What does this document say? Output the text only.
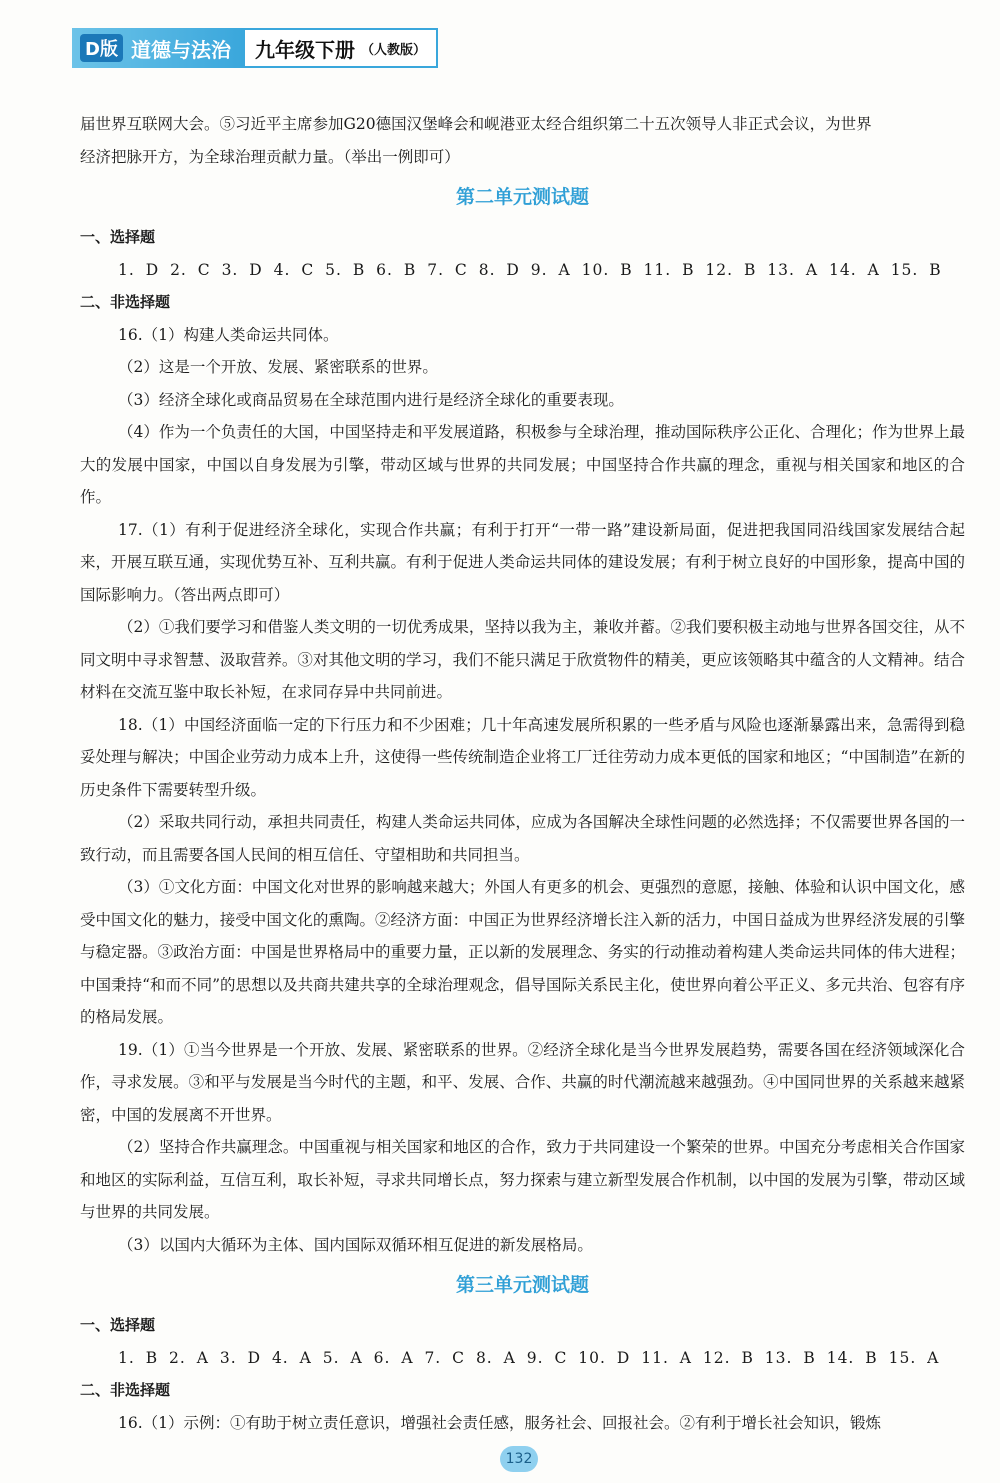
D版 道德与法治 九年级下册 （人教版）

届世界互联网大会。⑤习近平主席参加G20德国汉堡峰会和岘港亚太经合组织第二十五次领导人非正式会议，为世界

经济把脉开方，为全球治理贡献力量。（举出一例即可）

第二单元测试题

一、选择题

1. D 2. C 3. D 4. C 5. B 6. B 7. C 8. D 9. A 10. B 11. B 12. B 13. A 14. A 15. B

二、非选择题

16.（1）构建人类命运共同体。

（2）这是一个开放、发展、紧密联系的世界。

（3）经济全球化或商品贸易在全球范围内进行是经济全球化的重要表现。

（4）作为一个负责任的大国，中国坚持走和平发展道路，积极参与全球治理，推动国际秩序公正化、合理化；作为世界上最大的发展中国家，中国以自身发展为引擎，带动区域与世界的共同发展；中国坚持合作共赢的理念，重视与相关国家和地区的合作。

17.（1）有利于促进经济全球化，实现合作共赢；有利于打开“一带一路”建设新局面，促进把我国同沿线国家发展结合起来，开展互联互通，实现优势互补、互利共赢。有利于促进人类命运共同体的建设发展；有利于树立良好的中国形象，提高中国的国际影响力。（答出两点即可）

（2）①我们要学习和借鉴人类文明的一切优秀成果，坚持以我为主，兼收并蓄。②我们要积极主动地与世界各国交往，从不同文明中寻求智慧、汲取营养。③对其他文明的学习，我们不能只满足于欣赏物件的精美，更应该领略其中蕴含的人文精神。结合材料在交流互鉴中取长补短，在求同存异中共同前进。

18.（1）中国经济面临一定的下行压力和不少困难；几十年高速发展所积累的一些矛盾与风险也逐渐暴露出来，急需得到稳妥处理与解决；中国企业劳动力成本上升，这使得一些传统制造企业将工厂迁往劳动力成本更低的国家和地区；“中国制造”在新的历史条件下需要转型升级。

（2）采取共同行动，承担共同责任，构建人类命运共同体，应成为各国解决全球性问题的必然选择；不仅需要世界各国的一致行动，而且需要各国人民间的相互信任、守望相助和共同担当。

（3）①文化方面：中国文化对世界的影响越来越大；外国人有更多的机会、更强烈的意愿，接触、体验和认识中国文化，感受中国文化的魅力，接受中国文化的熏陶。②经济方面：中国正为世界经济增长注入新的活力，中国日益成为世界经济发展的引擎与稳定器。③政治方面：中国是世界格局中的重要力量，正以新的发展理念、务实的行动推动着构建人类命运共同体的伟大进程；中国秉持“和而不同”的思想以及共商共建共享的全球治理观念，倡导国际关系民主化，使世界向着公平正义、多元共治、包容有序的格局发展。

19.（1）①当今世界是一个开放、发展、紧密联系的世界。②经济全球化是当今世界发展趋势，需要各国在经济领域深化合作，寻求发展。③和平与发展是当今时代的主题，和平、发展、合作、共赢的时代潮流越来越强劲。④中国同世界的关系越来越紧密，中国的发展离不开世界。

（2）坚持合作共赢理念。中国重视与相关国家和地区的合作，致力于共同建设一个繁荣的世界。中国充分考虑相关合作国家和地区的实际利益，互信互利，取长补短，寻求共同增长点，努力探索与建立新型发展合作机制，以中国的发展为引擎，带动区域与世界的共同发展。

（3）以国内大循环为主体、国内国际双循环相互促进的新发展格局。

第三单元测试题

一、选择题

1. B 2. A 3. D 4. A 5. A 6. A 7. C 8. A 9. C 10. D 11. A 12. B 13. B 14. B 15. A

二、非选择题

16.（1）示例：①有助于树立责任意识，增强社会责任感，服务社会、回报社会。②有利于增长社会知识，锻炼

132
